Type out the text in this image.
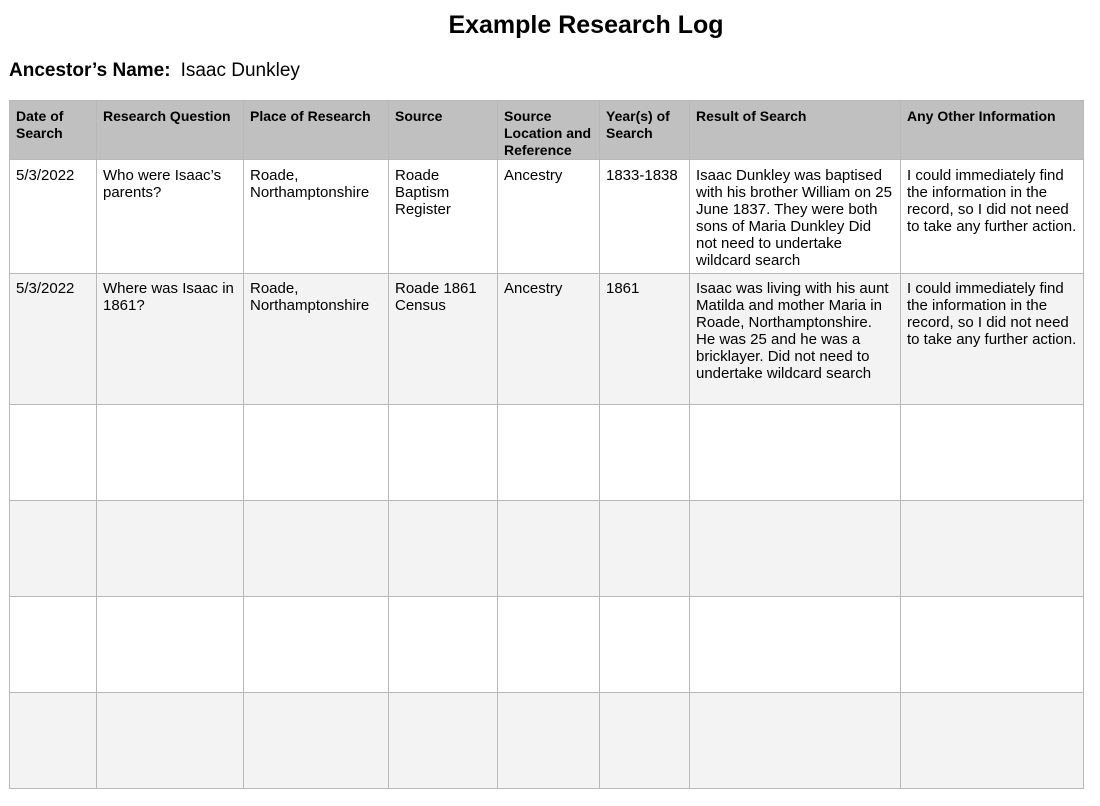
Example Research Log
Ancestor’s Name: Isaac Dunkley
Date of Search	Research Question	Place of Research	Source	Source Location and Reference	Year(s) of Search	Result of Search	Any Other Information
5/3/2022	Who were Isaac’s parents?	Roade, Northamptonshire	Roade Baptism Register	Ancestry	1833-1838	Isaac Dunkley was baptised with his brother William on 25 June 1837. They were both sons of Maria Dunkley Did not need to undertake wildcard search	I could immediately find the information in the record, so I did not need to take any further action.
5/3/2022	Where was Isaac in 1861?	Roade, Northamptonshire	Roade 1861 Census	Ancestry	1861	Isaac was living with his aunt Matilda and mother Maria in Roade, Northamptonshire. He was 25 and he was a bricklayer. Did not need to undertake wildcard search	I could immediately find the information in the record, so I did not need to take any further action.
